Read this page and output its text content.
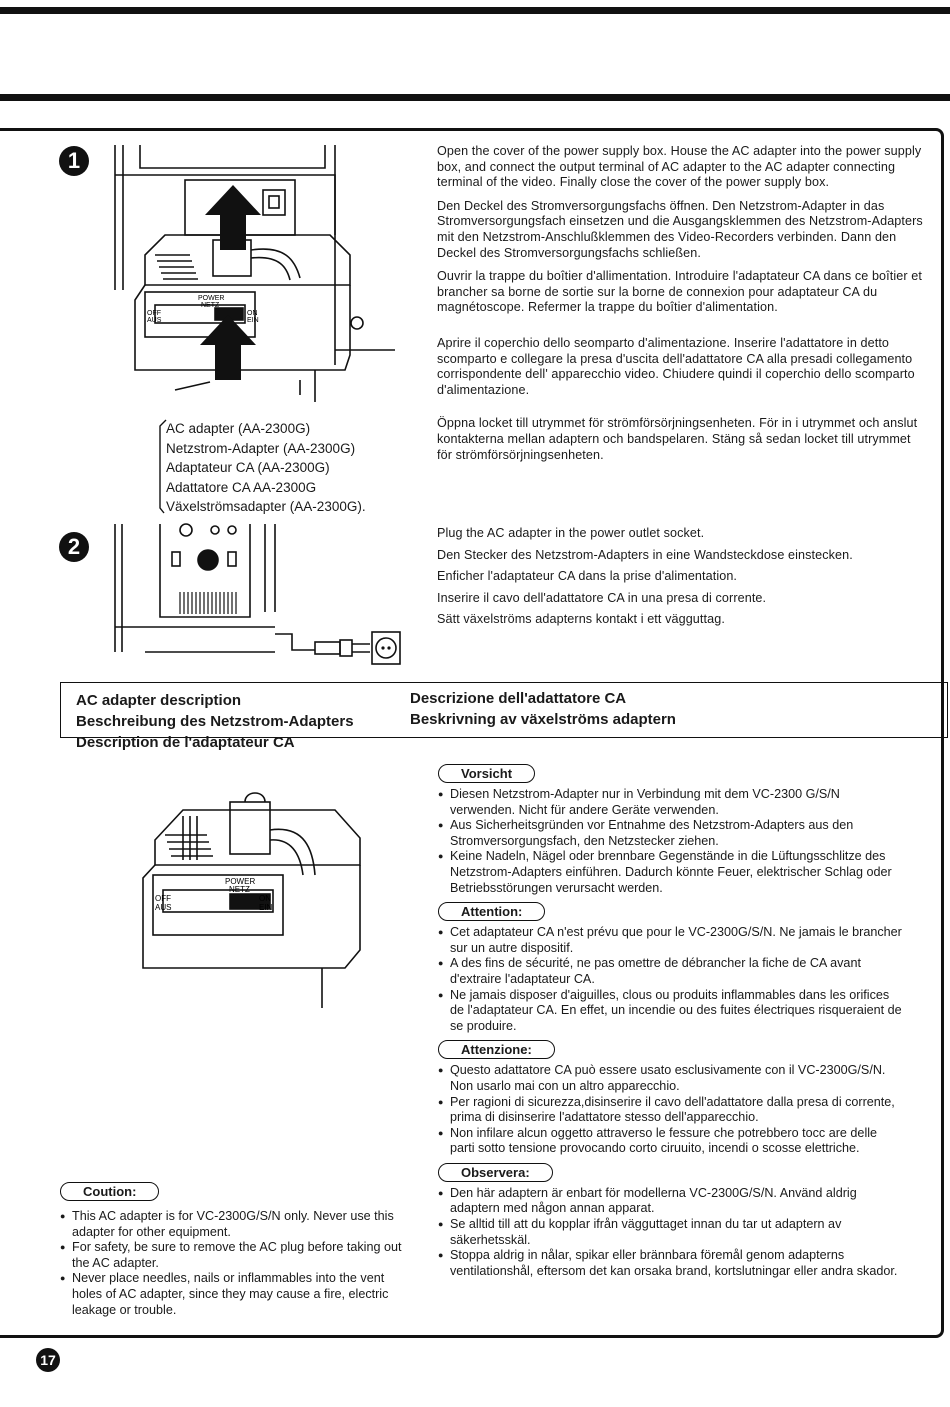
1
POWER
NETZ
OFF
AUS
ON
EIN
AC adapter (AA-2300G)
Netzstrom-Adapter (AA-2300G)
Adaptateur CA (AA-2300G)
Adattatore CA AA-2300G
Växelströmsadapter (AA-2300G).

Open the cover of the power supply box. House the AC adapter into the power supply box, and connect the output terminal of AC adapter to the AC adapter connecting terminal of the video. Finally close the cover of the power supply box.

Den Deckel des Stromversorgungsfachs öffnen. Den Netzstrom-Adapter in das Stromversorgungsfach einsetzen und die Ausgangsklemmen des Netzstrom-Adapters mit den Netzstrom-Anschlußklemmen des Video-Recorders verbinden. Dann den Deckel des Stromversorgungsfachs schließen.

Ouvrir la trappe du boîtier d'allimentation. Introduire l'adaptateur CA dans ce boîtier et brancher sa borne de sortie sur la borne de connexion pour adaptateur CA du magnétoscope. Refermer la trappe du boîtier d'alimentation.

Aprire il coperchio dello seomparto d'alimentazione. Inserire l'adattatore in detto scomparto e collegare la presa d'uscita dell'adattatore CA alla presadi collegamento corrispondente dell' apparecchio video. Chiudere quindi il coperchio dello scomparto d'alimentazione.

Öppna locket till utrymmet för strömförsörjningsenheten. För in i utrymmet och anslut kontakterna mellan adaptern och bandspelaren. Stäng så sedan locket till utrymmet för strömförsörjningsenheten.

2

Plug the AC adapter in the power outlet socket.

Den Stecker des Netzstrom-Adapters in eine Wandsteckdose einstecken.

Enficher l'adaptateur CA dans la prise d'alimentation.

Inserire il cavo dell'adattatore CA in una presa di corrente.

Sätt växelströms adapterns kontakt i ett vägguttag.

AC adapter description
Beschreibung des Netzstrom-Adapters
Description de l'adaptateur CA
Descrizione dell'adattatore CA
Beskrivning av växelströms adaptern
POWER
NETZ
OFF
AUS
ON
EIN
Coution:
● This AC adapter is for VC-2300G/S/N only. Never use this adapter for other equipment.
● For safety, be sure to remove the AC plug before taking out the AC adapter.
● Never place needles, nails or inflammables into the vent holes of AC adapter, since they may cause a fire, electric leakage or trouble.
Vorsicht
● Diesen Netzstrom-Adapter nur in Verbindung mit dem VC-2300 G/S/N verwenden. Nicht für andere Geräte verwenden.
● Aus Sicherheitsgründen vor Entnahme des Netzstrom-Adapters aus den Stromversorgungsfach, den Netzstecker ziehen.
● Keine Nadeln, Nägel oder brennbare Gegenstände in die Lüftungsschlitze des Netzstrom-Adapters einführen. Dadurch könnte Feuer, elektrischer Schlag oder Betriebsstörungen verursacht werden.
Attention:
● Cet adaptateur CA n'est prévu que pour le VC-2300G/S/N. Ne jamais le brancher sur un autre dispositif.
● A des fins de sécurité, ne pas omettre de débrancher la fiche de CA avant d'extraire l'adaptateur CA.
● Ne jamais disposer d'aiguilles, clous ou produits inflammables dans les orifices de l'adaptateur CA. En effet, un incendie ou des fuites électriques risqueraient de se produire.
Attenzione:
● Questo adattatore CA può essere usato esclusivamente con il VC-2300G/S/N. Non usarlo mai con un altro apparecchio.
● Per ragioni di sicurezza,disinserire il cavo dell'adattatore dalla presa di corrente, prima di disinserire l'adattatore stesso dell'apparecchio.
● Non infilare alcun oggetto attraverso le fessure che potrebbero tocc are delle parti sotto tensione provocando corto ciruuito, incendi o scosse elettriche.
Observera:
● Den här adaptern är enbart för modellerna VC-2300G/S/N. Använd aldrig adaptern med någon annan apparat.
● Se alltid till att du kopplar ifrån vägguttaget innan du tar ut adaptern av säkerhetsskäl.
● Stoppa aldrig in nålar, spikar eller brännbara föremål genom adapterns ventilationshål, eftersom det kan orsaka brand, kortslutningar eller andra skador.
17
